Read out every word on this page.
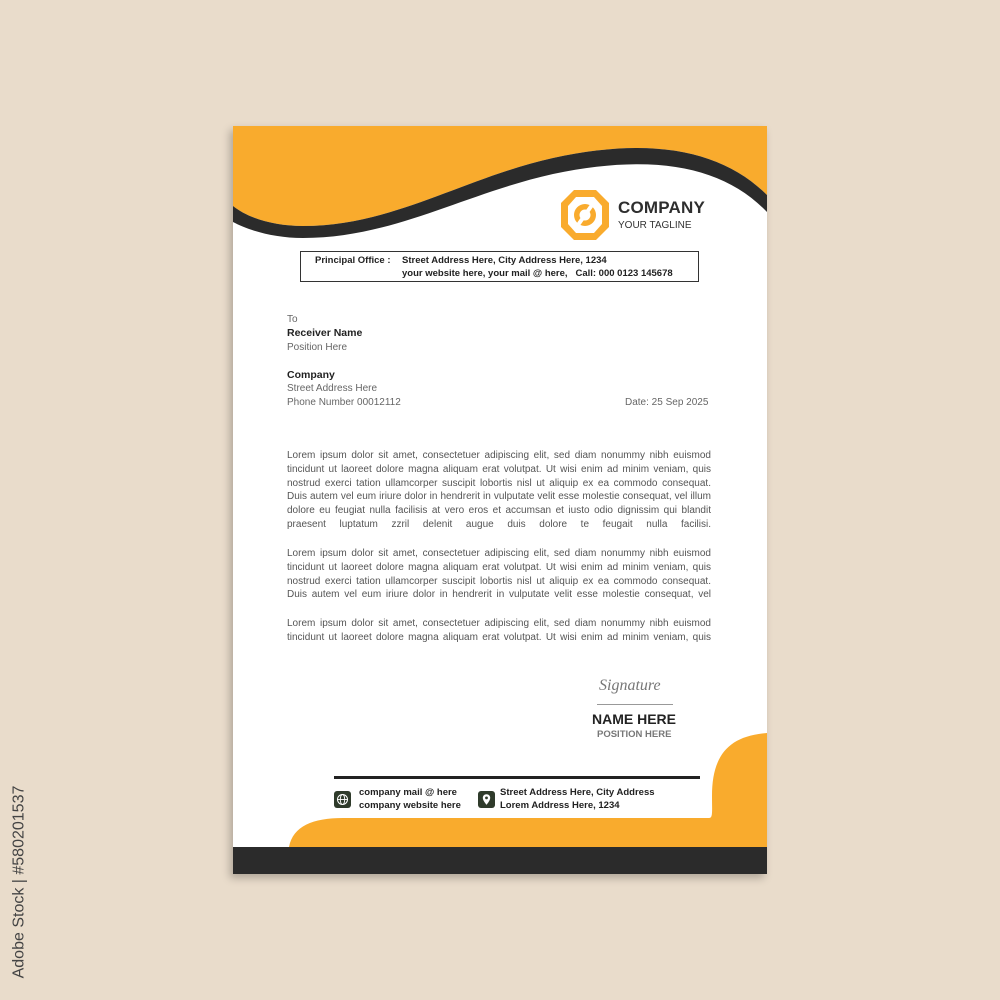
Adobe Stock | #580201537
COMPANY
YOUR TAGLINE
Principal Office : Street Address Here, City Address Here, 1234
your website here, your mail @ here,   Call: 000 0123 145678
To
Receiver Name
Position Here
Company
Street Address Here
Phone Number 00012112	Date: 25 Sep 2025

Lorem ipsum dolor sit amet, consectetuer adipiscing elit, sed diam nonummy nibh euismod tincidunt ut laoreet dolore magna aliquam erat volutpat. Ut wisi enim ad minim veniam, quis nostrud exerci tation ullamcorper suscipit lobortis nisl ut aliquip ex ea commodo consequat. Duis autem vel eum iriure dolor in hendrerit in vulputate velit esse molestie consequat, vel illum dolore eu feugiat nulla facilisis at vero eros et accumsan et iusto odio dignissim qui blandit praesent luptatum zzril delenit augue duis dolore te feugait nulla facilisi.

Lorem ipsum dolor sit amet, consectetuer adipiscing elit, sed diam nonummy nibh euismod tincidunt ut laoreet dolore magna aliquam erat volutpat. Ut wisi enim ad minim veniam, quis nostrud exerci tation ullamcorper suscipit lobortis nisl ut aliquip ex ea commodo consequat. Duis autem vel eum iriure dolor in hendrerit in vulputate velit esse molestie consequat, vel

Lorem ipsum dolor sit amet, consectetuer adipiscing elit, sed diam nonummy nibh euismod tincidunt ut laoreet dolore magna aliquam erat volutpat. Ut wisi enim ad minim veniam, quis

Signature
NAME HERE
POSITION HERE
company mail @ here
company website here
Street Address Here, City Address
Lorem Address Here, 1234
